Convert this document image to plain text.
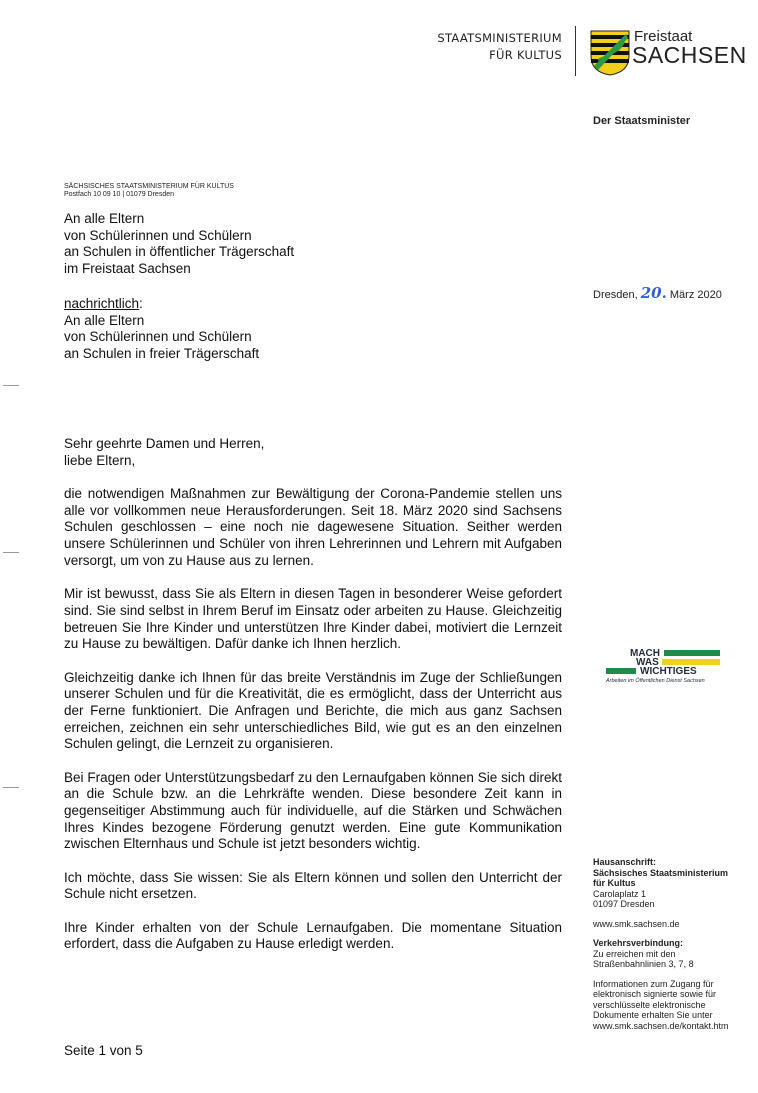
STAATSMINISTERIUM
FÜR KULTUS
Freistaat
SACHSEN
Der Staatsminister
SÄCHSISCHES STAATSMINISTERIUM FÜR KULTUS
Postfach 10 09 10 | 01079 Dresden
An alle Eltern
von Schülerinnen und Schülern
an Schulen in öffentlicher Trägerschaft
im Freistaat Sachsen
nachrichtlich:
An alle Eltern
von Schülerinnen und Schülern
an Schulen in freier Trägerschaft
Dresden, 20. März 2020

Sehr geehrte Damen und Herren,
liebe Eltern,

die notwendigen Maßnahmen zur Bewältigung der Corona-Pandemie stellen uns alle vor vollkommen neue Herausforderungen. Seit 18. März 2020 sind Sachsens Schulen geschlossen – eine noch nie dagewesene Situation. Seither werden unsere Schülerinnen und Schüler von ihren Lehrerinnen und Lehrern mit Aufgaben versorgt, um von zu Hause aus zu lernen.

Mir ist bewusst, dass Sie als Eltern in diesen Tagen in besonderer Weise gefordert sind. Sie sind selbst in Ihrem Beruf im Einsatz oder arbeiten zu Hause. Gleichzeitig betreuen Sie Ihre Kinder und unterstützen Ihre Kinder dabei, motiviert die Lernzeit zu Hause zu bewältigen. Dafür danke ich Ihnen herzlich.

Gleichzeitig danke ich Ihnen für das breite Verständnis im Zuge der Schließungen unserer Schulen und für die Kreativität, die es ermöglicht, dass der Unterricht aus der Ferne funktioniert. Die Anfragen und Berichte, die mich aus ganz Sachsen erreichen, zeichnen ein sehr unterschiedliches Bild, wie gut es an den einzelnen Schulen gelingt, die Lernzeit zu organisieren.

Bei Fragen oder Unterstützungsbedarf zu den Lernaufgaben können Sie sich direkt an die Schule bzw. an die Lehrkräfte wenden. Diese besondere Zeit kann in gegenseitiger Abstimmung auch für individuelle, auf die Stärken und Schwächen Ihres Kindes bezogene Förderung genutzt werden. Eine gute Kommunikation zwischen Elternhaus und Schule ist jetzt besonders wichtig.

Ich möchte, dass Sie wissen: Sie als Eltern können und sollen den Unterricht der Schule nicht ersetzen.

Ihre Kinder erhalten von der Schule Lernaufgaben. Die momentane Situation erfordert, dass die Aufgaben zu Hause erledigt werden.

MACH
WAS
WICHTIGES
Arbeiten im Öffentlichen Dienst Sachsen
Hausanschrift:
Sächsisches Staatsministerium
für Kultus
Carolaplatz 1
01097 Dresden
www.smk.sachsen.de
Verkehrsverbindung:
Zu erreichen mit den
Straßenbahnlinien 3, 7, 8
Informationen zum Zugang für
elektronisch signierte sowie für
verschlüsselte elektronische
Dokumente erhalten Sie unter
www.smk.sachsen.de/kontakt.htm
Seite 1 von 5
